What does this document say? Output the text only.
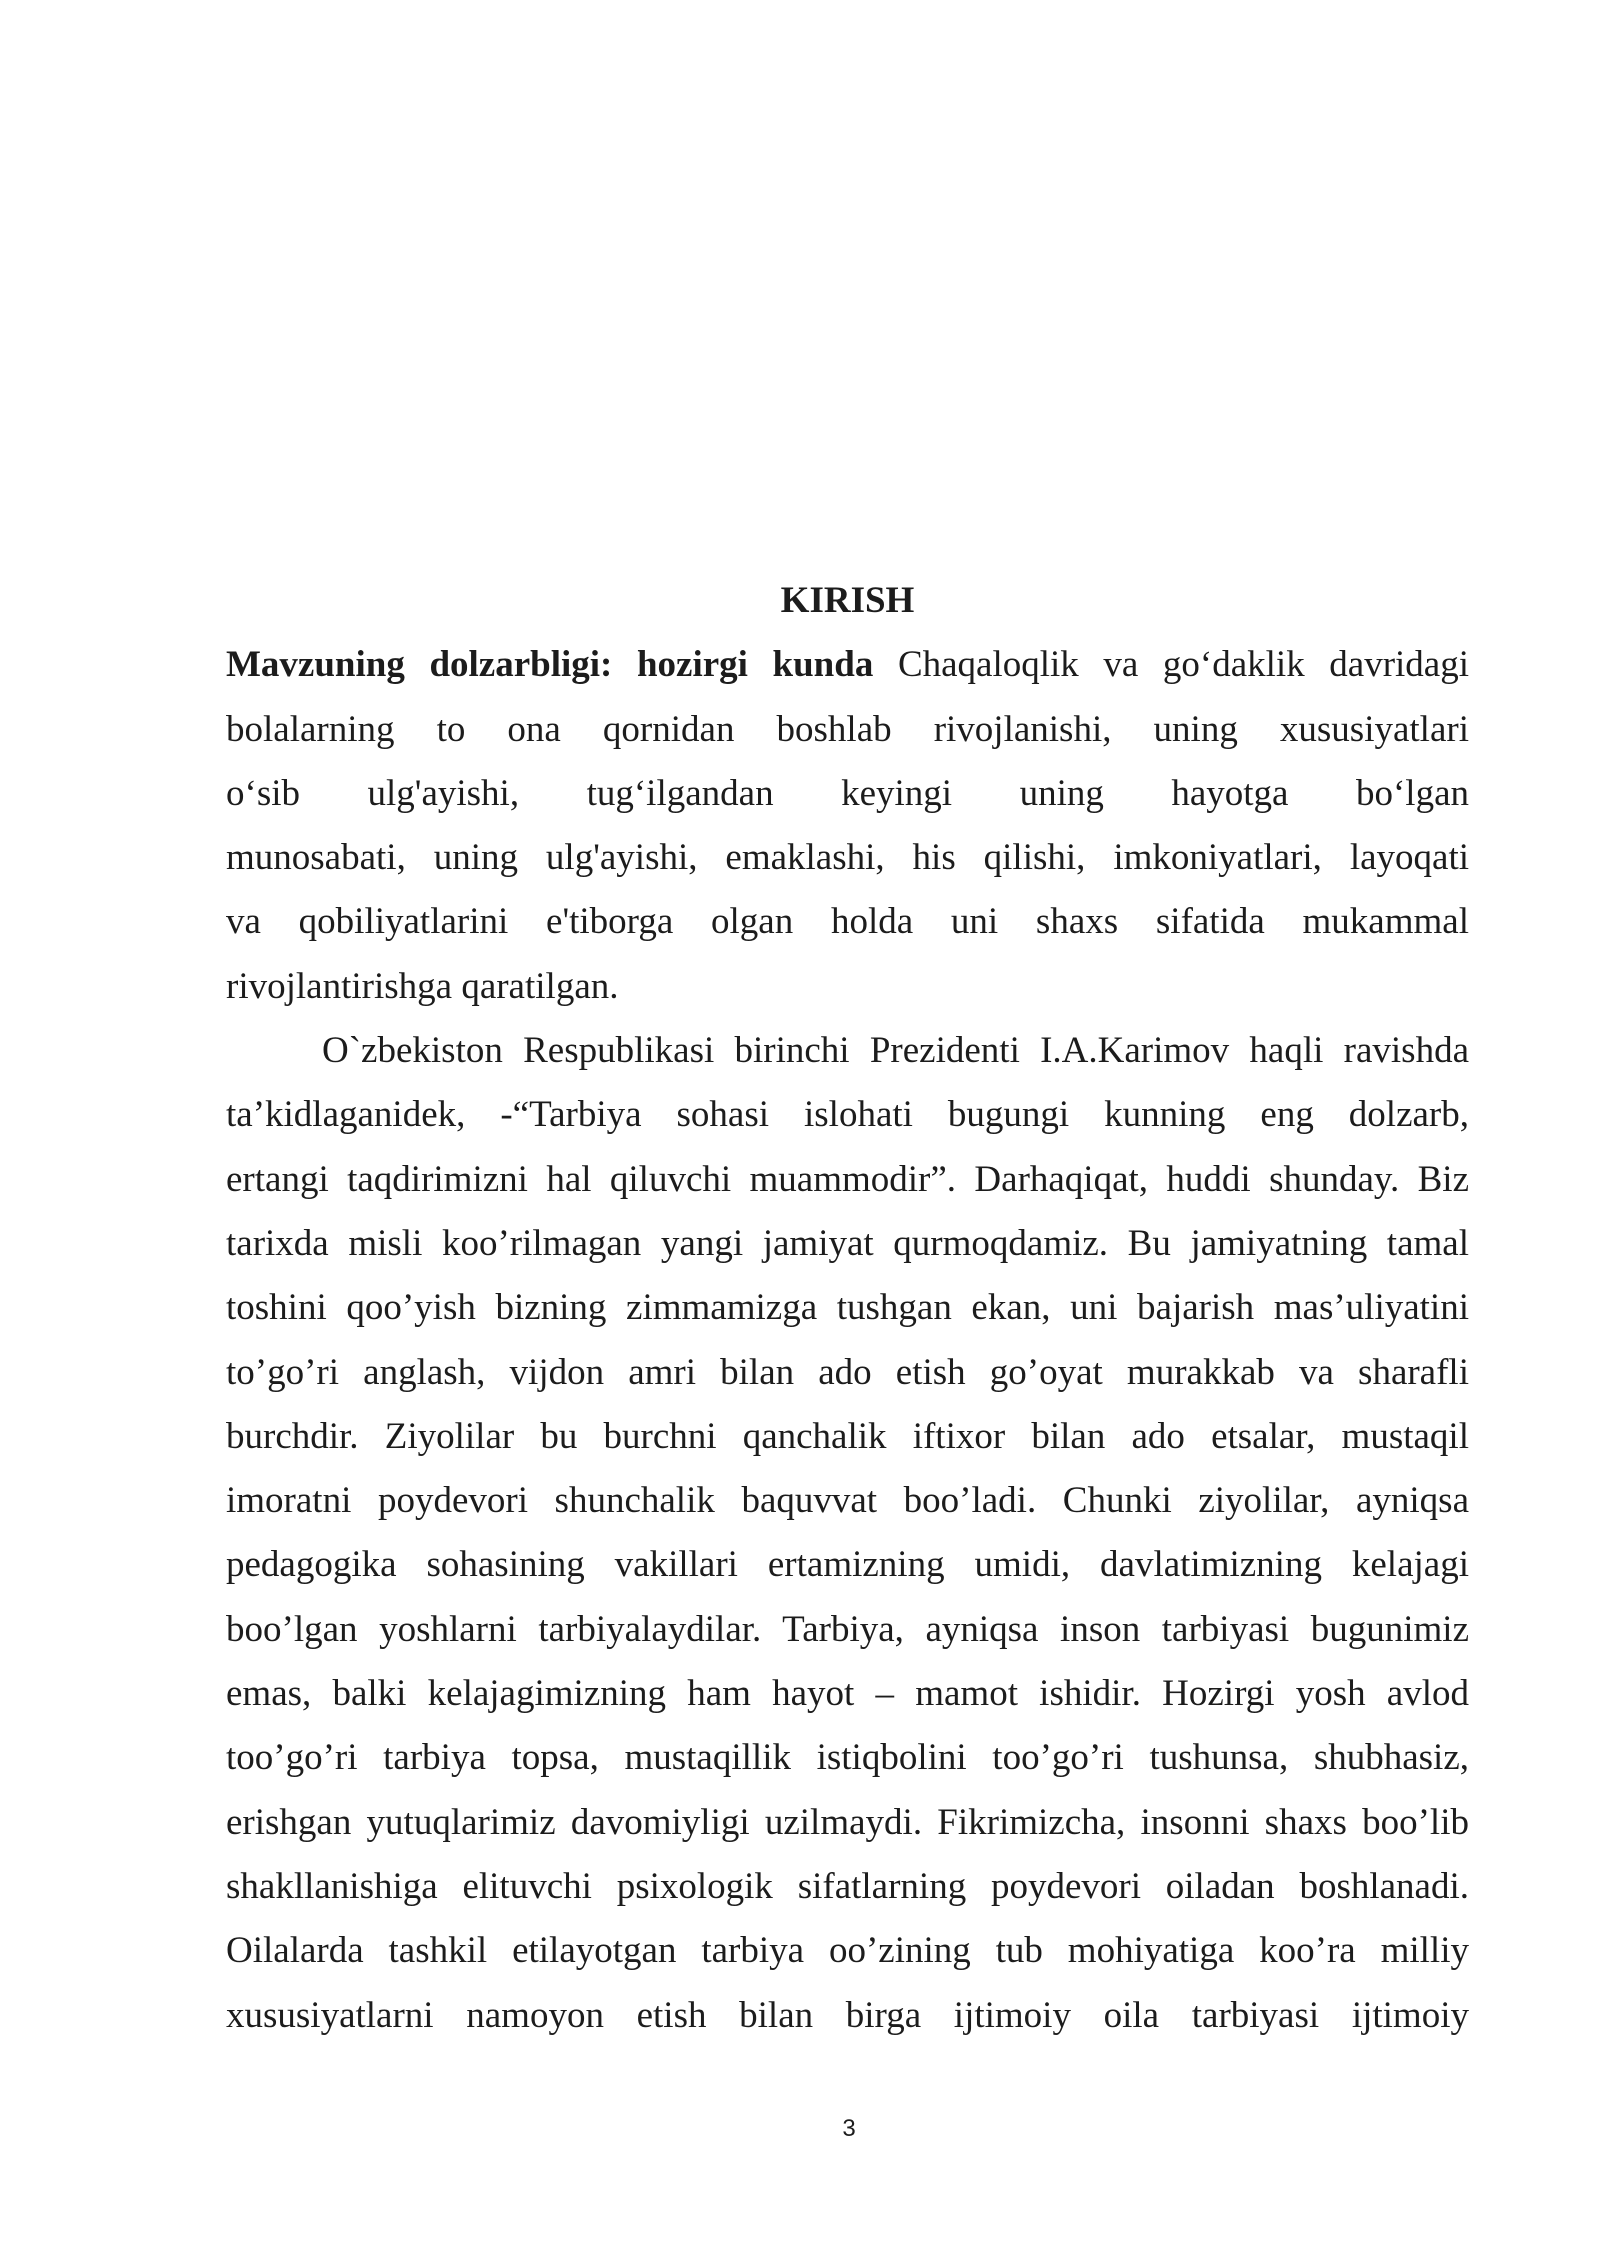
KIRISH
Mavzuning dolzarbligi: hozirgi kunda Chaqaloqlik va go‘daklik davridagi
bolalarning to ona qornidan boshlab rivojlanishi, uning xususiyatlari
o‘sib ulg'ayishi, tug‘ilgandan keyingi uning hayotga bo‘lgan
munosabati, uning ulg'ayishi, emaklashi, his qilishi, imkoniyatlari, layoqati
va qobiliyatlarini e'tiborga olgan holda uni shaxs sifatida mukammal
rivojlantirishga qaratilgan.
O`zbekiston Respublikasi birinchi Prezidenti I.A.Karimov haqli ravishda
ta’kidlaganidek, -“Tarbiya sohasi islohati bugungi kunning eng dolzarb,
ertangi taqdirimizni hal qiluvchi muammodir”. Darhaqiqat, huddi shunday. Biz
tarixda misli koo’rilmagan yangi jamiyat qurmoqdamiz. Bu jamiyatning tamal
toshini qoo’yish bizning zimmamizga tushgan ekan, uni bajarish mas’uliyatini
to’go’ri anglash, vijdon amri bilan ado etish go’oyat murakkab va sharafli
burchdir. Ziyolilar bu burchni qanchalik iftixor bilan ado etsalar, mustaqil
imoratni poydevori shunchalik baquvvat boo’ladi. Chunki ziyolilar, ayniqsa
pedagogika sohasining vakillari ertamizning umidi, davlatimizning kelajagi
boo’lgan yoshlarni tarbiyalaydilar. Tarbiya, ayniqsa inson tarbiyasi bugunimiz
emas, balki kelajagimizning ham hayot – mamot ishidir. Hozirgi yosh avlod
too’go’ri tarbiya topsa, mustaqillik istiqbolini too’go’ri tushunsa, shubhasiz,
erishgan yutuqlarimiz davomiyligi uzilmaydi. Fikrimizcha, insonni shaxs boo’lib
shakllanishiga elituvchi psixologik sifatlarning poydevori oiladan boshlanadi.
Oilalarda tashkil etilayotgan tarbiya oo’zining tub mohiyatiga koo’ra milliy
xususiyatlarni namoyon etish bilan birga ijtimoiy oila tarbiyasi ijtimoiy
3
